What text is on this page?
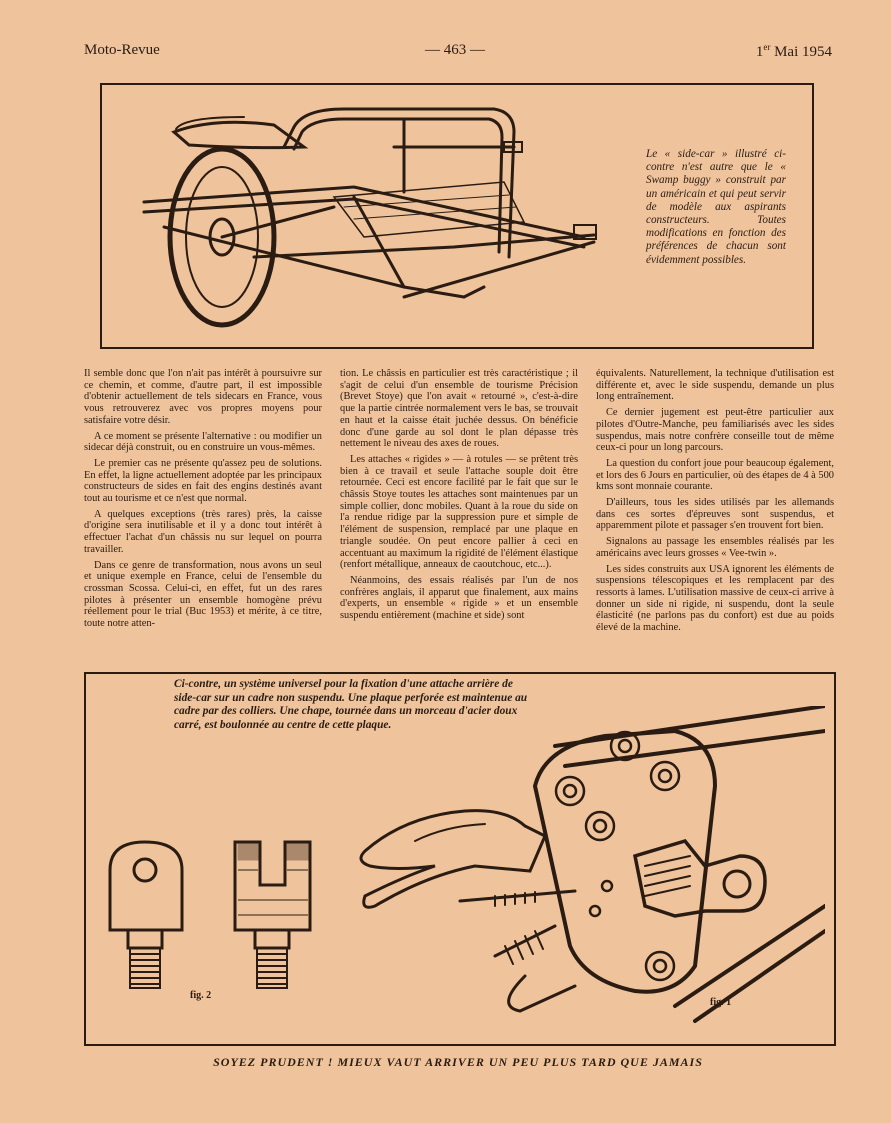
Moto-Revue	— 463 —	1er Mai 1954
Le « side-car » illustré ci-contre n'est autre que le « Swamp buggy » construit par un américain et qui peut servir de modèle aux aspirants constructeurs. Toutes modifications en fonction des préférences de chacun sont évidemment possibles.

Il semble donc que l'on n'ait pas intérêt à poursuivre sur ce chemin, et comme, d'autre part, il est impossible d'obtenir actuellement de tels sidecars en France, vous vous retrouverez avec vos propres moyens pour satisfaire votre désir.

A ce moment se présente l'alternative : ou modifier un sidecar déjà construit, ou en construire un vous-mêmes.

Le premier cas ne présente qu'assez peu de solutions. En effet, la ligne actuellement adoptée par les principaux constructeurs de sides en fait des engins destinés avant tout au tourisme et ce n'est que normal.

A quelques exceptions (très rares) près, la caisse d'origine sera inutilisable et il y a donc tout intérêt à effectuer l'achat d'un châssis nu sur lequel on pourra travailler.

Dans ce genre de transformation, nous avons un seul et unique exemple en France, celui de l'ensemble du crossman Scossa. Celui-ci, en effet, fut un des rares pilotes à présenter un ensemble homogène prévu réellement pour le trial (Buc 1953) et mérite, à ce titre, toute notre atten-

tion. Le châssis en particulier est très caractéristique ; il s'agit de celui d'un ensemble de tourisme Précision (Brevet Stoye) que l'on avait « retourné », c'est-à-dire que la partie cintrée normalement vers le bas, se trouvait en haut et la caisse était juchée dessus. On bénéficie donc d'une garde au sol dont le plan dépasse très nettement le niveau des axes de roues.

Les attaches « rigides » — à rotules — se prêtent très bien à ce travail et seule l'attache souple doit être retournée. Ceci est encore facilité par le fait que sur le châssis Stoye toutes les attaches sont maintenues par un simple collier, donc mobiles. Quant à la roue du side on l'a rendue ridige par la suppression pure et simple de l'élément de suspension, remplacé par une plaque en triangle soudée. On peut encore pallier à ceci en accentuant au maximum la rigidité de l'élément élastique (renfort métallique, anneaux de caoutchouc, etc...).

Néanmoins, des essais réalisés par l'un de nos confrères anglais, il apparut que finalement, aux mains d'experts, un ensemble « rigide » et un ensemble suspendu entièrement (machine et side) sont

équivalents. Naturellement, la technique d'utilisation est différente et, avec le side suspendu, demande un plus long entraînement.

Ce dernier jugement est peut-être particulier aux pilotes d'Outre-Manche, peu familiarisés avec les sides suspendus, mais notre confrère conseille tout de même ceux-ci pour un long parcours.

La question du confort joue pour beaucoup également, et lors des 6 Jours en particulier, où des étapes de 4 à 500 kms sont monnaie courante.

D'ailleurs, tous les sides utilisés par les allemands dans ces sortes d'épreuves sont suspendus, et apparemment pilote et passager s'en trouvent fort bien.

Signalons au passage les ensembles réalisés par les américains avec leurs grosses « Vee-twin ».

Les sides construits aux USA ignorent les éléments de suspensions télescopiques et les remplacent par des ressorts à lames. L'utilisation massive de ceux-ci arrive à donner un side ni rigide, ni suspendu, dont la seule élasticité (ne parlons pas du confort) est due au poids élevé de la machine.

Ci-contre, un système universel pour la fixation d'une attache arrière de side-car sur un cadre non suspendu. Une plaque perforée est maintenue au cadre par des colliers. Une chape, tournée dans un morceau d'acier doux carré, est boulonnée au centre de cette plaque.
fig. 2
fig. 1
SOYEZ PRUDENT ! MIEUX VAUT ARRIVER UN PEU PLUS TARD QUE JAMAIS
